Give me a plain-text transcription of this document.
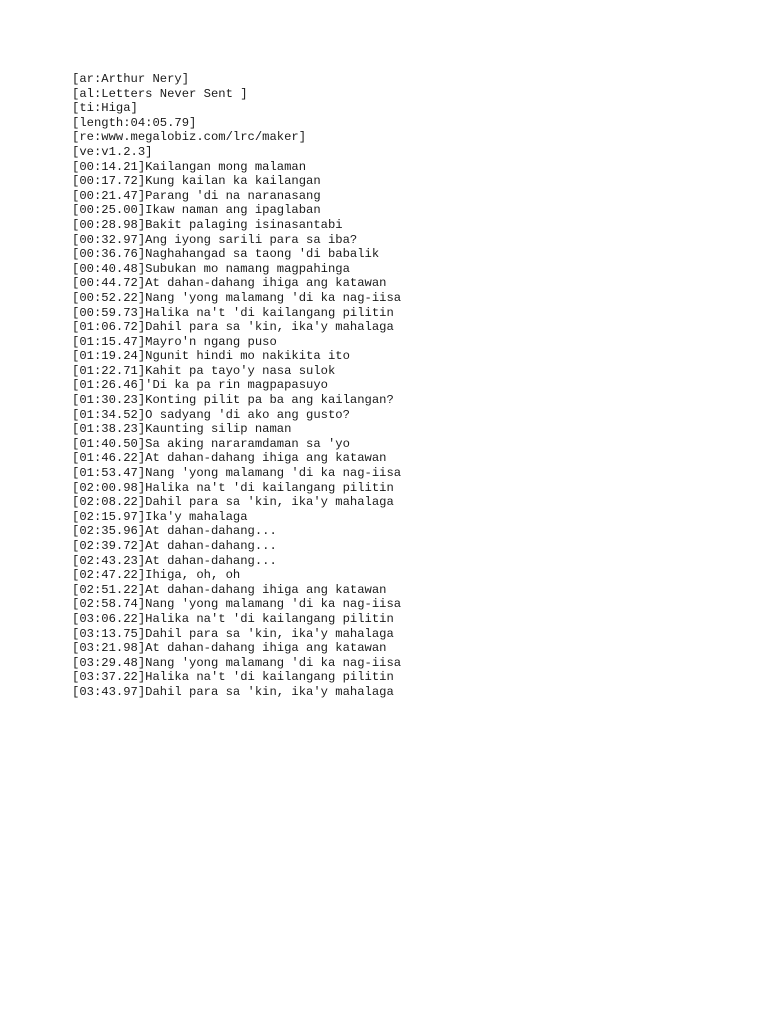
[ar:Arthur Nery]
[al:Letters Never Sent ]
[ti:Higa]
[length:04:05.79]
[re:www.megalobiz.com/lrc/maker]
[ve:v1.2.3]
[00:14.21]Kailangan mong malaman
[00:17.72]Kung kailan ka kailangan
[00:21.47]Parang 'di na naranasang
[00:25.00]Ikaw naman ang ipaglaban
[00:28.98]Bakit palaging isinasantabi
[00:32.97]Ang iyong sarili para sa iba?
[00:36.76]Naghahangad sa taong 'di babalik
[00:40.48]Subukan mo namang magpahinga
[00:44.72]At dahan-dahang ihiga ang katawan
[00:52.22]Nang 'yong malamang 'di ka nag-iisa
[00:59.73]Halika na't 'di kailangang pilitin
[01:06.72]Dahil para sa 'kin, ika'y mahalaga
[01:15.47]Mayro'n ngang puso
[01:19.24]Ngunit hindi mo nakikita ito
[01:22.71]Kahit pa tayo'y nasa sulok
[01:26.46]'Di ka pa rin magpapasuyo
[01:30.23]Konting pilit pa ba ang kailangan?
[01:34.52]O sadyang 'di ako ang gusto?
[01:38.23]Kaunting silip naman
[01:40.50]Sa aking nararamdaman sa 'yo
[01:46.22]At dahan-dahang ihiga ang katawan
[01:53.47]Nang 'yong malamang 'di ka nag-iisa
[02:00.98]Halika na't 'di kailangang pilitin
[02:08.22]Dahil para sa 'kin, ika'y mahalaga
[02:15.97]Ika'y mahalaga
[02:35.96]At dahan-dahang...
[02:39.72]At dahan-dahang...
[02:43.23]At dahan-dahang...
[02:47.22]Ihiga, oh, oh
[02:51.22]At dahan-dahang ihiga ang katawan
[02:58.74]Nang 'yong malamang 'di ka nag-iisa
[03:06.22]Halika na't 'di kailangang pilitin
[03:13.75]Dahil para sa 'kin, ika'y mahalaga
[03:21.98]At dahan-dahang ihiga ang katawan
[03:29.48]Nang 'yong malamang 'di ka nag-iisa
[03:37.22]Halika na't 'di kailangang pilitin
[03:43.97]Dahil para sa 'kin, ika'y mahalaga
